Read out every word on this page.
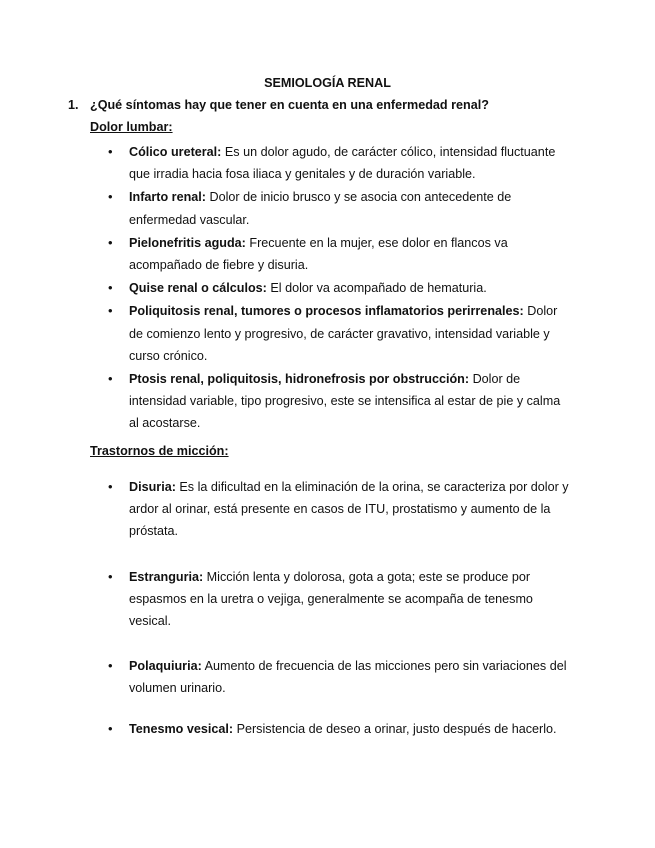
SEMIOLOGÍA RENAL
1. ¿Qué síntomas hay que tener en cuenta en una enfermedad renal?
Dolor lumbar:
• Cólico ureteral: Es un dolor agudo, de carácter cólico, intensidad fluctuante que irradia hacia fosa iliaca y genitales y de duración variable.
• Infarto renal: Dolor de inicio brusco y se asocia con antecedente de enfermedad vascular.
• Pielonefritis aguda: Frecuente en la mujer, ese dolor en flancos va acompañado de fiebre y disuria.
• Quise renal o cálculos: El dolor va acompañado de hematuria.
• Poliquitosis renal, tumores o procesos inflamatorios perirrenales: Dolor de comienzo lento y progresivo, de carácter gravativo, intensidad variable y curso crónico.
• Ptosis renal, poliquitosis, hidronefrosis por obstrucción: Dolor de intensidad variable, tipo progresivo, este se intensifica al estar de pie y calma al acostarse.
Trastornos de micción:
• Disuria: Es la dificultad en la eliminación de la orina, se caracteriza por dolor y ardor al orinar, está presente en casos de ITU, prostatismo y aumento de la próstata.
• Estranguria: Micción lenta y dolorosa, gota a gota; este se produce por espasmos en la uretra o vejiga, generalmente se acompaña de tenesmo vesical.
• Polaquiuria: Aumento de frecuencia de las micciones pero sin variaciones del volumen urinario.
• Tenesmo vesical: Persistencia de deseo a orinar, justo después de hacerlo.
